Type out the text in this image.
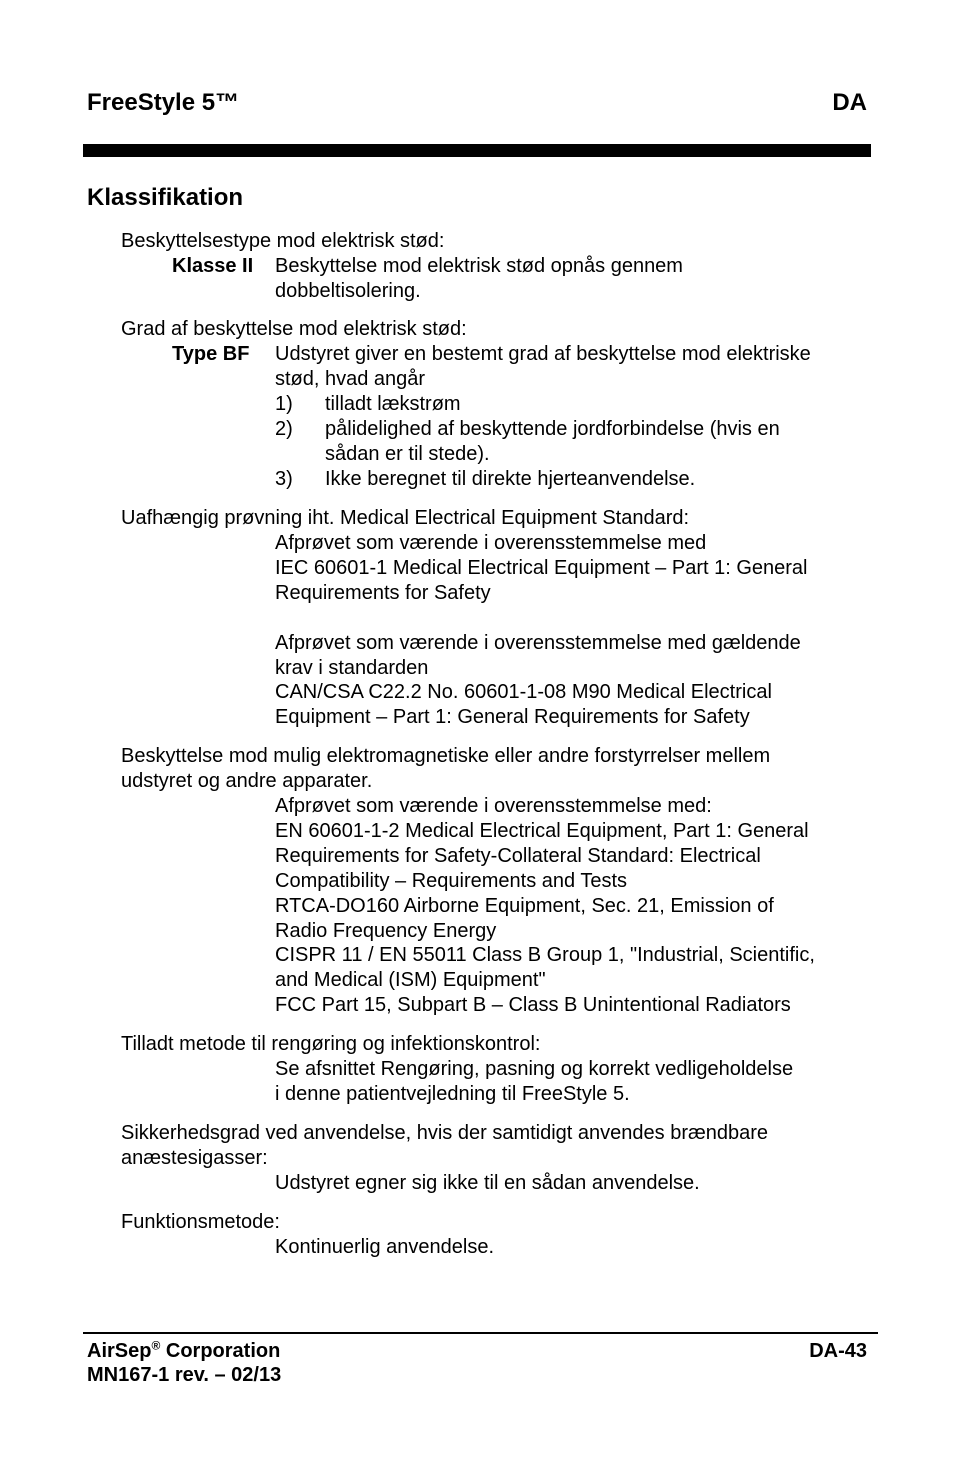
FreeStyle 5™	DA
Klassifikation
Beskyttelsestype mod elektrisk stød:
Klasse II Beskyttelse mod elektrisk stød opnås gennem
dobbeltisolering.
Grad af beskyttelse mod elektrisk stød:
Type BF Udstyret giver en bestemt grad af beskyttelse mod elektriske
stød, hvad angår
1) tilladt lækstrøm
2) pålidelighed af beskyttende jordforbindelse (hvis en
sådan er til stede).
3) Ikke beregnet til direkte hjerteanvendelse.
Uafhængig prøvning iht. Medical Electrical Equipment Standard:
Afprøvet som værende i overensstemmelse med
IEC 60601-1 Medical Electrical Equipment – Part 1: General
Requirements for Safety
Afprøvet som værende i overensstemmelse med gældende
krav i standarden
CAN/CSA C22.2 No. 60601-1-08 M90 Medical Electrical
Equipment – Part 1: General Requirements for Safety
Beskyttelse mod mulig elektromagnetiske eller andre forstyrrelser mellem
udstyret og andre apparater.
Afprøvet som værende i overensstemmelse med:
EN 60601-1-2 Medical Electrical Equipment, Part 1: General
Requirements for Safety-Collateral Standard: Electrical
Compatibility – Requirements and Tests
RTCA-DO160 Airborne Equipment, Sec. 21, Emission of
Radio Frequency Energy
CISPR 11 / EN 55011 Class B Group 1, "Industrial, Scientific,
and Medical (ISM) Equipment"
FCC Part 15, Subpart B – Class B Unintentional Radiators
Tilladt metode til rengøring og infektionskontrol:
Se afsnittet Rengøring, pasning og korrekt vedligeholdelse
i denne patientvejledning til FreeStyle 5.
Sikkerhedsgrad ved anvendelse, hvis der samtidigt anvendes brændbare
anæstesigasser:
Udstyret egner sig ikke til en sådan anvendelse.
Funktionsmetode:
Kontinuerlig anvendelse.
AirSep® Corporation
MN167-1 rev. – 02/13
DA-43
